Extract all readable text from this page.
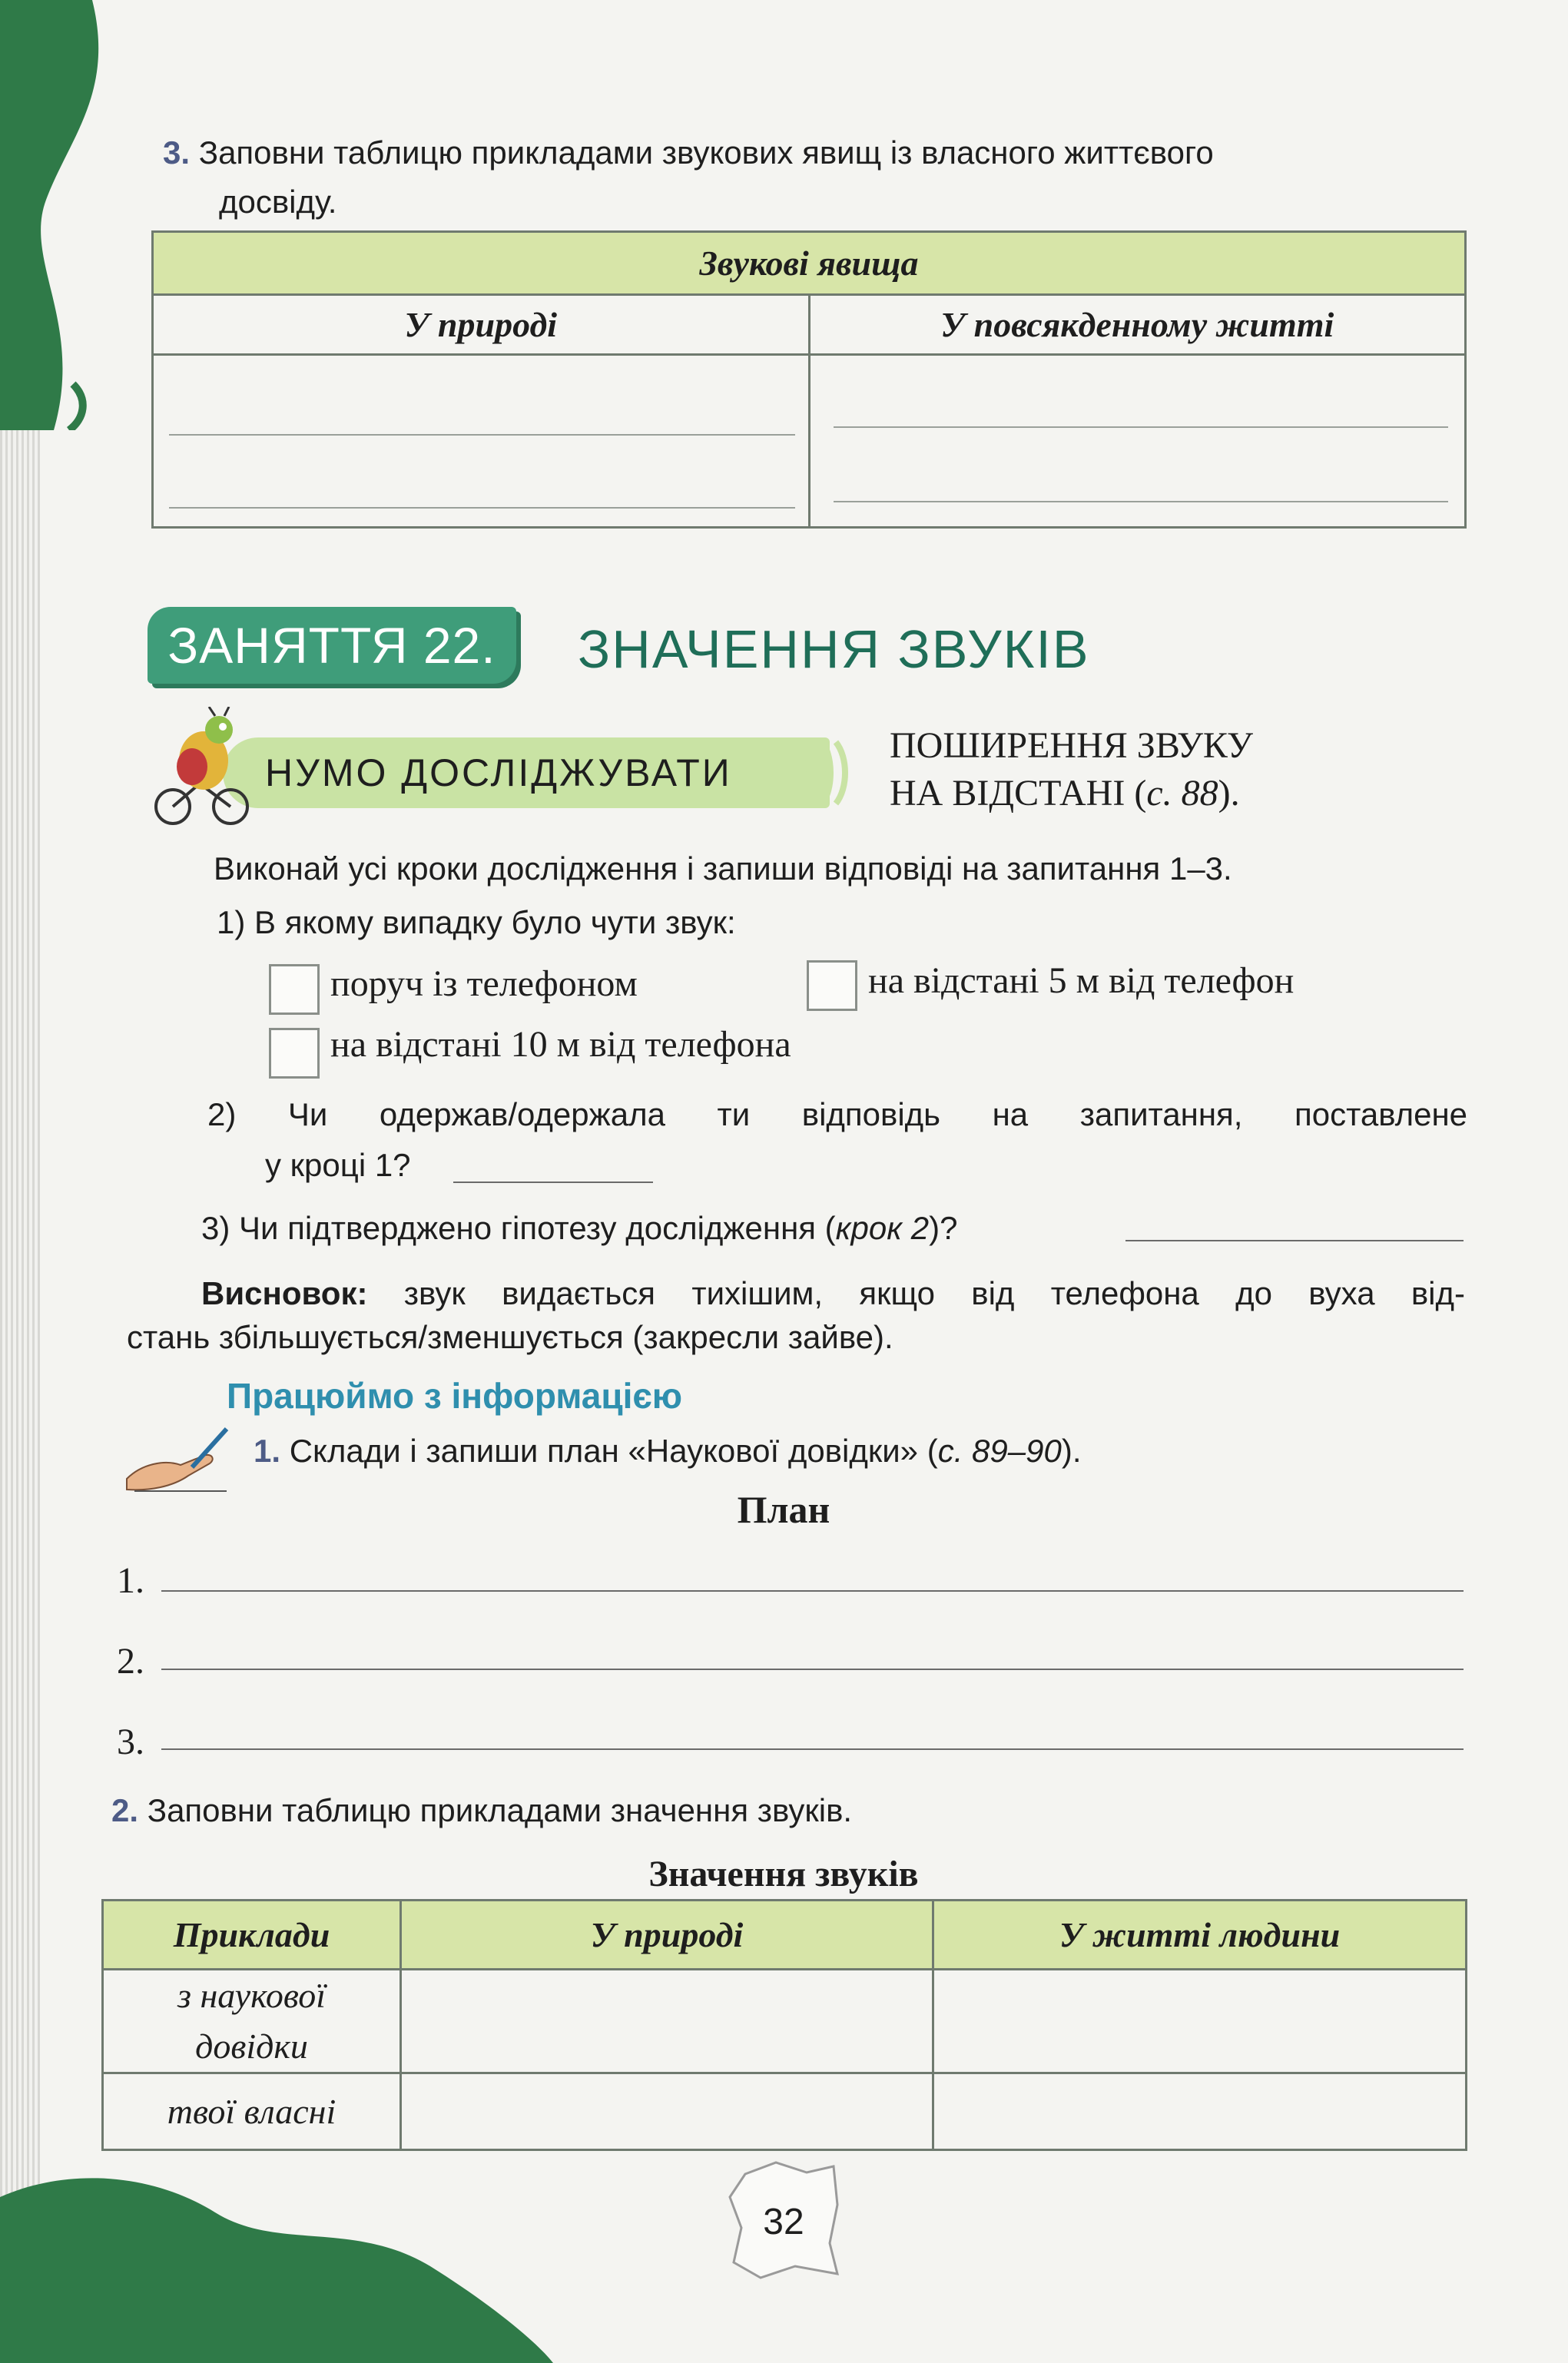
3. Заповни таблицю прикладами звукових явищ із власного життєвого
досвіду.
Звукові явища	
У природі	У повсякденному житті

ЗАНЯТТЯ 22.	ЗНАЧЕННЯ ЗВУКІВ
НУМО ДОСЛІДЖУВАТИ
ПОШИРЕННЯ ЗВУКУ
НА ВІДСТАНІ (с. 88).
Виконай усі кроки дослідження і запиши відповіді на запитання 1–3.
1) В якому випадку було чути звук:
поруч із телефоном	на відстані 5 м від телефон
на відстані 10 м від телефона
2) Чи одержав/одержала ти відповідь на запитання, поставлене
у кроці 1?
3) Чи підтверджено гіпотезу дослідження (крок 2)?
Висновок: звук видається тихішим, якщо від телефона до вуха від-
стань збільшується/зменшується (закресли зайве).
Працюймо з інформацією
1. Склади і запиши план «Наукової довідки» (с. 89–90).
План
1.
2.
3.
2. Заповни таблицю прикладами значення звуків.
Значення звуків
Приклади	У природі	У житті людини

з наукової
довідки		

твої власні		
32
